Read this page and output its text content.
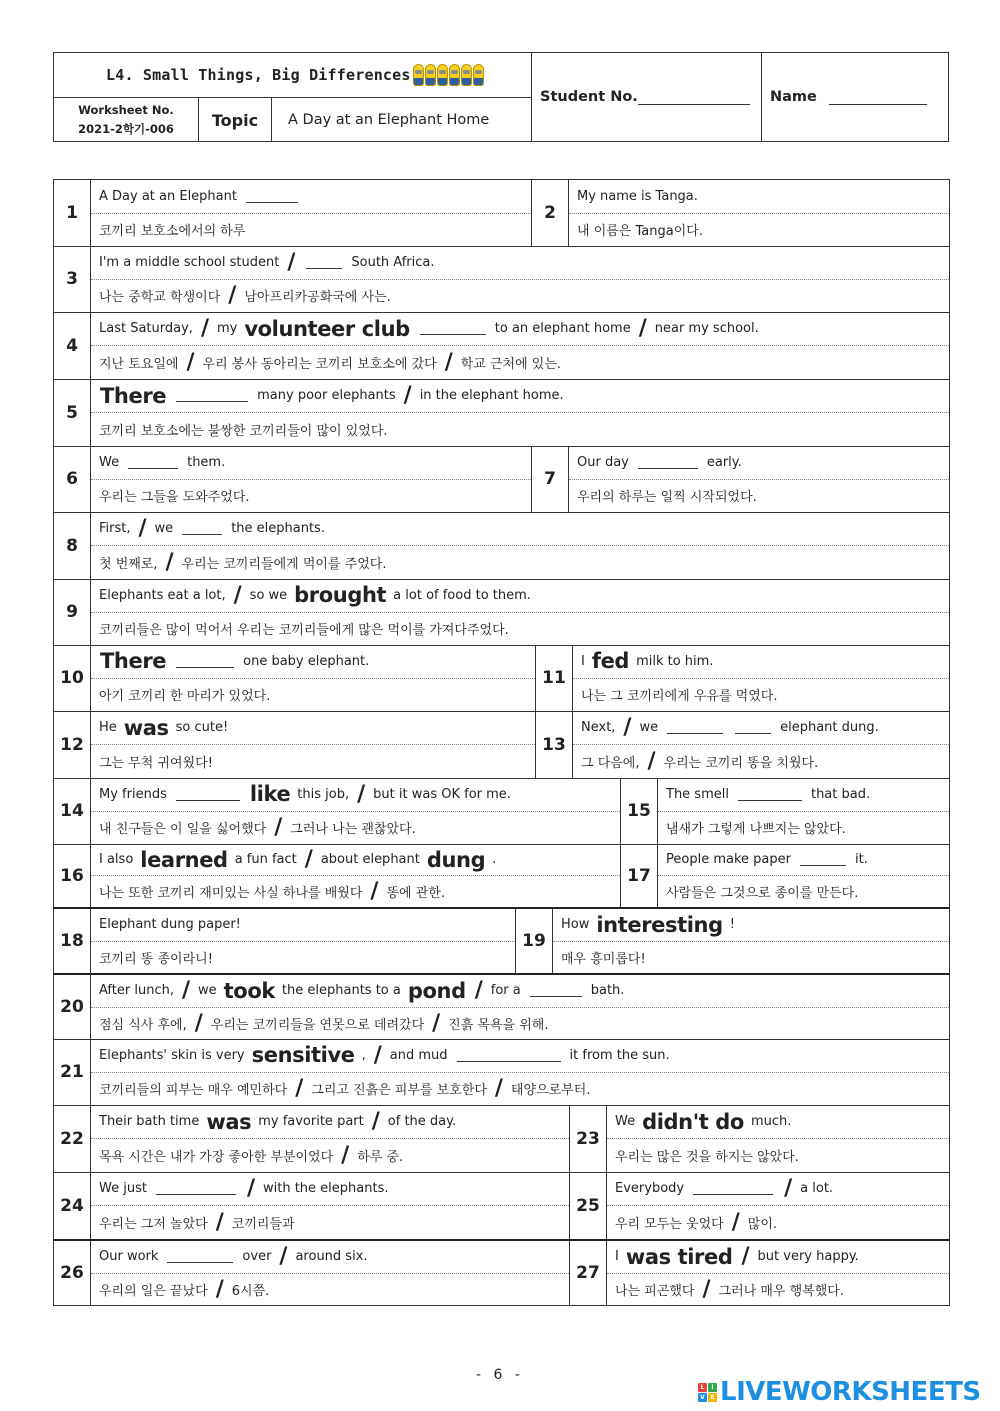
L4. Small Things, Big Differences
Worksheet No.
2021-2학기-006	Topic	A Day at an Elephant Home
Student No.	Name
1
A Day at an Elephant
코끼리 보호소에서의 하루
2
My name is Tanga.
내 이름은 Tanga이다.
3
I'm a middle school student /	South Africa.
나는 중학교 학생이다 / 남아프리카공화국에 사는.
4
Last Saturday, / my volunteer club	to an elephant home / near my school.
지난 토요일에 / 우리 봉사 동아리는 코끼리 보호소에 갔다 / 학교 근처에 있는.
5
There	many poor elephants / in the elephant home.
코끼리 보호소에는 불쌍한 코끼리들이 많이 있었다.
6
We	them.
우리는 그들을 도와주었다.
7
Our day	early.
우리의 하루는 일찍 시작되었다.
8
First, / we	the elephants.
첫 번째로, / 우리는 코끼리들에게 먹이를 주었다.
9
Elephants eat a lot, / so we brought a lot of food to them.
코끼리들은 많이 먹어서 우리는 코끼리들에게 많은 먹이를 가져다주었다.
10
There	one baby elephant.
아기 코끼리 한 마리가 있었다.
11
I fed milk to him.
나는 그 코끼리에게 우유를 먹였다.
12
He was so cute!
그는 무척 귀여웠다!
13
Next, / we	elephant dung.
그 다음에, / 우리는 코끼리 똥을 치웠다.
14
My friends	like this job, / but it was OK for me.
내 친구들은 이 일을 싫어했다 / 그러나 나는 괜찮았다.
15
The smell	that bad.
냄새가 그렇게 나쁘지는 않았다.
16
I also learned a fun fact / about elephant dung .
나는 또한 코끼리 재미있는 사실 하나를 배웠다 / 똥에 관한.
17
People make paper	it.
사람들은 그것으로 종이를 만든다.
18
Elephant dung paper!
코끼리 똥 종이라니!
19
How interesting !
매우 흥미롭다!
20
After lunch, / we took the elephants to a pond / for a	bath.
점심 식사 후에, / 우리는 코끼리들을 연못으로 데려갔다 / 진흙 목욕을 위해.
21
Elephants' skin is very sensitive , / and mud	it from the sun.
코끼리들의 피부는 매우 예민하다 / 그리고 진흙은 피부를 보호한다 / 태양으로부터.
22
Their bath time was my favorite part / of the day.
목욕 시간은 내가 가장 좋아한 부분이었다 / 하루 중.
23
We didn't do much.
우리는 많은 것을 하지는 않았다.
24
We just	/ with the elephants.
우리는 그저 놀았다 / 코끼리들과
25
Everybody	/ a lot.
우리 모두는 웃었다 / 많이.
26
Our work	over / around six.
우리의 일은 끝났다 / 6시쯤.
27
I was tired / but very happy.
나는 피곤했다 / 그러나 매우 행복했다.
- 6 -
L	I
V E LIVEWORKSHEETS
